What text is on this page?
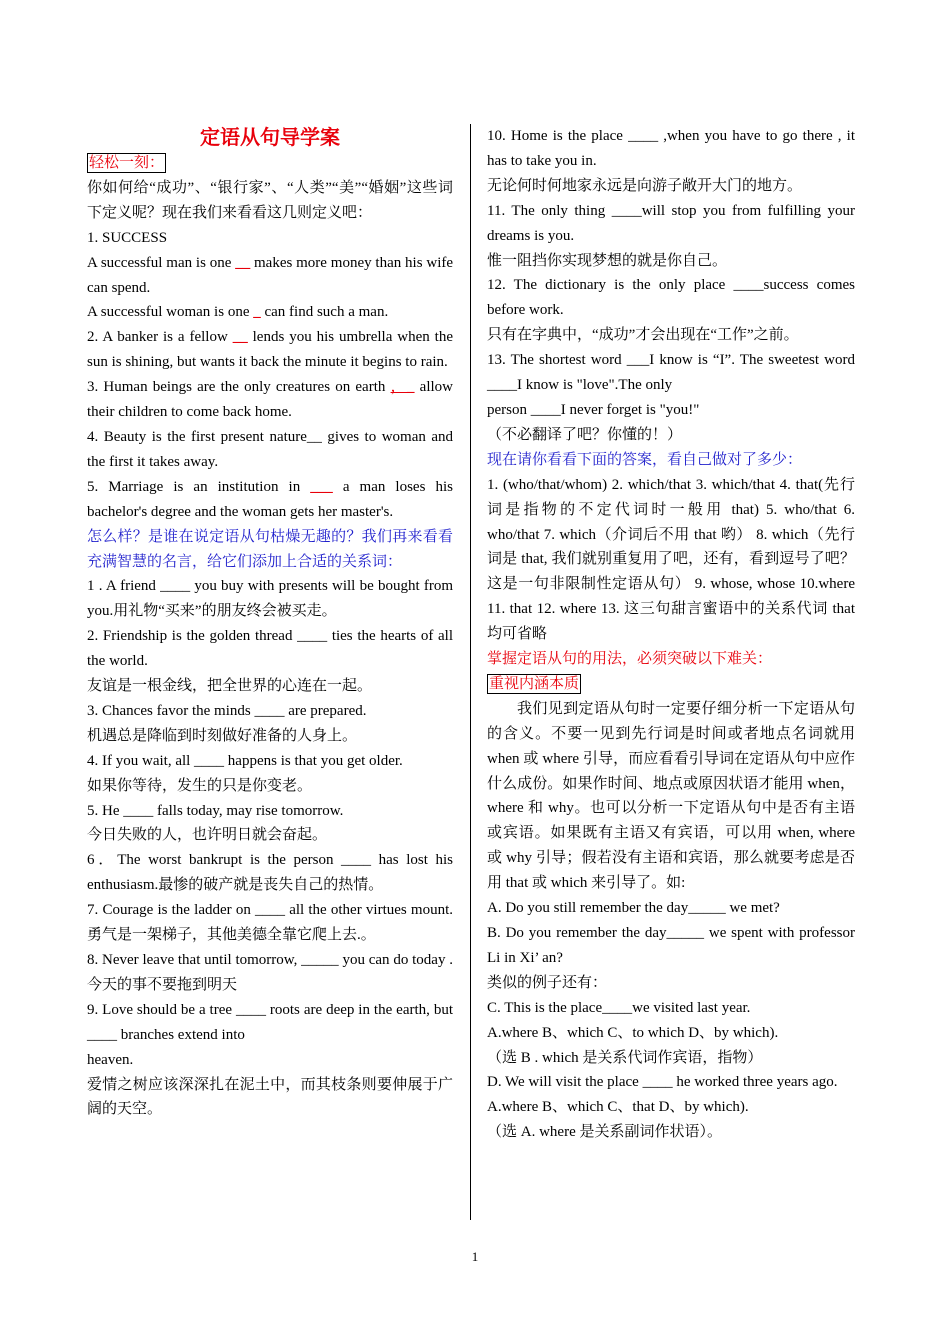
定语从句导学案

轻松一刻：

你如何给“成功”、“银行家”、“人类”“美”“婚姻”这些词下定义呢？现在我们来看看这几则定义吧：

1. SUCCESS

A successful man is one __ makes more money than his wife can spend.

A successful woman is one _ can find such a man.

2. A banker is a fellow __ lends you his umbrella when the sun is shining, but wants it back the minute it begins to rain.

3. Human beings are the only creatures on earth ，_ allow their children to come back home.

4. Beauty is the first present nature__ gives to woman and the first it takes away.

5. Marriage is an institution in ___ a man loses his bachelor's degree and the woman gets her master's.

怎么样？是谁在说定语从句枯燥无趣的？我们再来看看充满智慧的名言，给它们添加上合适的关系词：

1 . A friend ____ you buy with presents will be bought from you.用礼物“买来”的朋友终会被买走。

2. Friendship is the golden thread ____ ties the hearts of all the world.

友谊是一根金线，把全世界的心连在一起。

3. Chances favor the minds ____ are prepared.

机遇总是降临到时刻做好准备的人身上。

4. If you wait, all ____ happens is that you get older.

如果你等待，发生的只是你变老。

5. He ____ falls today, may rise tomorrow.

今日失败的人，也许明日就会奋起。

6．The worst bankrupt is the person ____ has lost his enthusiasm.最惨的破产就是丧失自己的热情。

7. Courage is the ladder on ____ all the other virtues mount.勇气是一架梯子，其他美德全靠它爬上去.。

8. Never leave that until tomorrow, _____ you can do today . 今天的事不要拖到明天

9. Love should be a tree ____ roots are deep in the earth, but ____ branches extend into

heaven.

爱情之树应该深深扎在泥土中，而其枝条则要伸展于广阔的天空。

10. Home is the place ____ ,when you have to go there , it has to take you in.

无论何时何地家永远是向游子敞开大门的地方。

11. The only thing ____will stop you from fulfilling your dreams is you.

惟一阻挡你实现梦想的就是你自己。

12. The dictionary is the only place ____success comes before work.

只有在字典中，“成功”才会出现在“工作”之前。

13. The shortest word ___I know is “I”. The sweetest word ____I know is "love".The only

person ____I never forget is "you!"

（不必翻译了吧？你懂的！）

现在请你看看下面的答案，看自己做对了多少：

1. (who/that/whom) 2. which/that 3. which/that 4. that(先行词是指物的不定代词时一般用 that) 5. who/that 6. who/that 7. which（介词后不用 that 哟） 8. which（先行词是 that, 我们就别重复用了吧，还有，看到逗号了吧？这是一句非限制性定语从句） 9. whose, whose 10.where 11. that 12. where 13. 这三句甜言蜜语中的关系代词 that 均可省略

掌握定语从句的用法，必须突破以下难关：

重视内涵本质

我们见到定语从句时一定要仔细分析一下定语从句的含义。不要一见到先行词是时间或者地点名词就用 when 或 where 引导，而应看看引导词在定语从句中应作什么成份。如果作时间、地点或原因状语才能用 when，where 和 why。也可以分析一下定语从句中是否有主语或宾语。如果既有主语又有宾语，可以用 when, where 或 why 引导；假若没有主语和宾语，那么就要考虑是否用 that 或 which 来引导了。如:

A. Do you still remember the day_____ we met?

B. Do you remember the day_____ we spent with professor Li in Xi’ an?

类似的例子还有：

C. This is the place____we visited last year.

A.where B、which C、to which D、by which).

（选 B . which 是关系代词作宾语，指物）

D. We will visit the place ____ he worked three years ago.

A.where B、which C、that D、by which).

（选 A. where 是关系副词作状语）。

1
